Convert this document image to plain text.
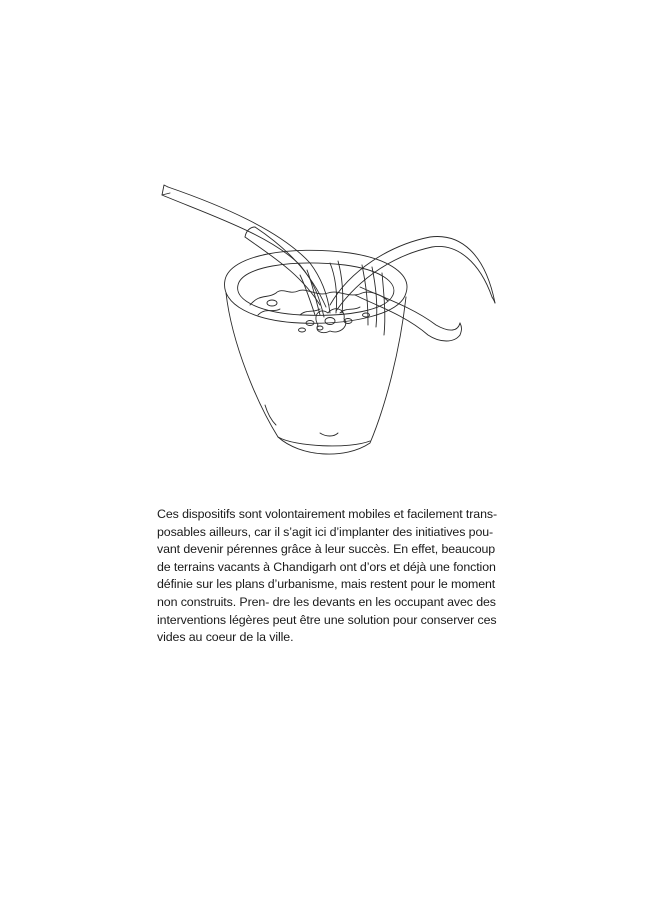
Ces dispositifs sont volontairement mobiles et facilement trans-
posables ailleurs, car il s’agit ici d’implanter des initiatives pou-
vant devenir pérennes grâce à leur succès. En effet, beaucoup
de terrains vacants à Chandigarh ont d’ors et déjà une fonction
définie sur les plans d’urbanisme, mais restent pour le moment
non construits. Pren- dre les devants en les occupant avec des
interventions légères peut être une solution pour conserver ces
vides au coeur de la ville.
